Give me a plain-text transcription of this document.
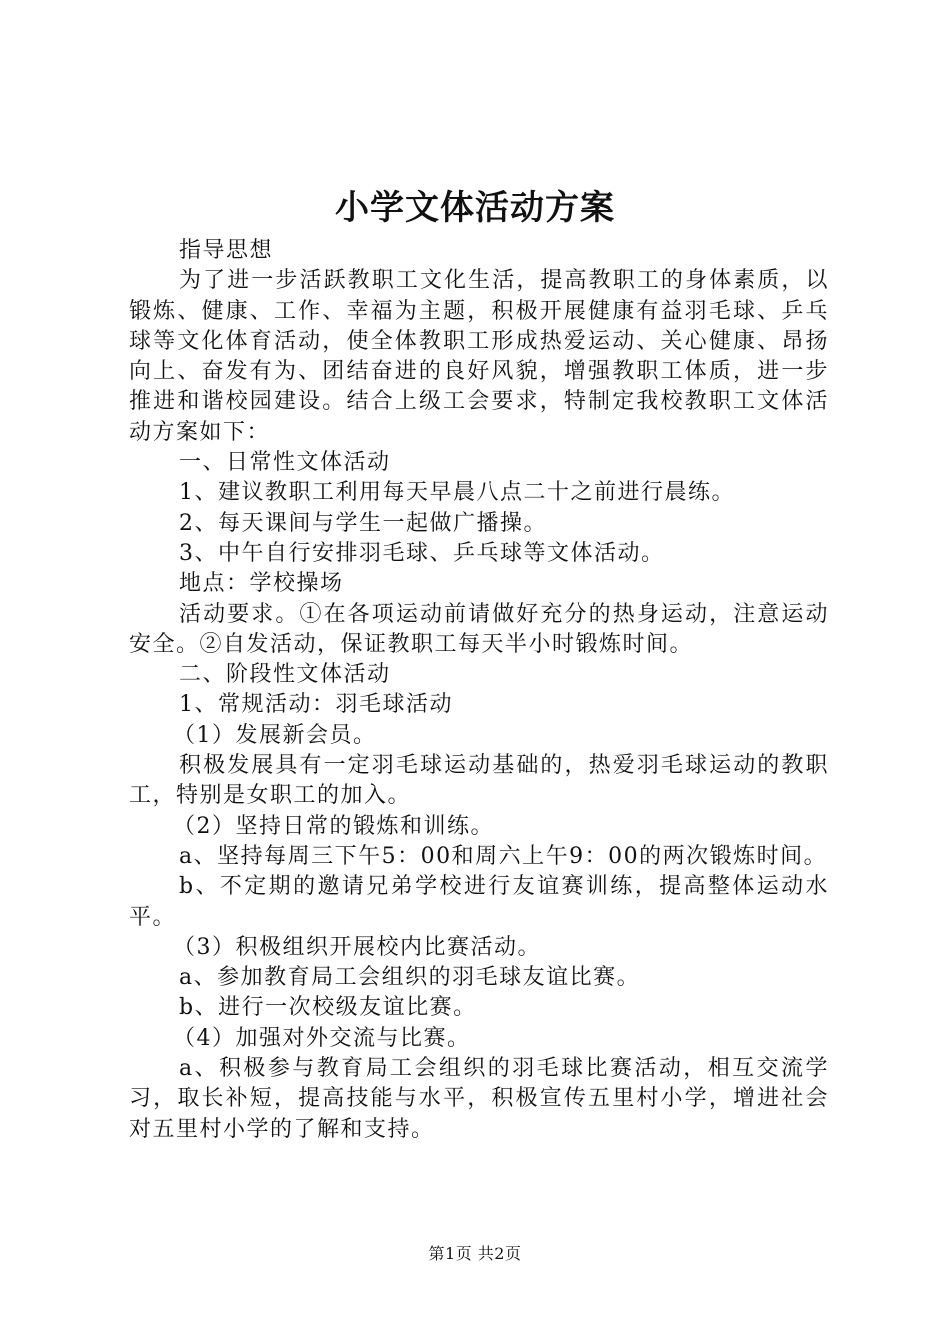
小学文体活动方案

指导思想

为了进一步活跃教职工文化生活，提高教职工的身体素质，以锻炼、健康、工作、幸福为主题，积极开展健康有益羽毛球、乒乓球等文化体育活动，使全体教职工形成热爱运动、关心健康、昂扬向上、奋发有为、团结奋进的良好风貌，增强教职工体质，进一步推进和谐校园建设。结合上级工会要求，特制定我校教职工文体活动方案如下：

一、日常性文体活动

1、建议教职工利用每天早晨八点二十之前进行晨练。

2、每天课间与学生一起做广播操。

3、中午自行安排羽毛球、乒乓球等文体活动。

地点：学校操场

活动要求。①在各项运动前请做好充分的热身运动，注意运动安全。②自发活动，保证教职工每天半小时锻炼时间。

二、阶段性文体活动

1、常规活动：羽毛球活动

（1）发展新会员。

积极发展具有一定羽毛球运动基础的，热爱羽毛球运动的教职工，特别是女职工的加入。

（2）坚持日常的锻炼和训练。

a、坚持每周三下午5：00和周六上午9：00的两次锻炼时间。

b、不定期的邀请兄弟学校进行友谊赛训练，提高整体运动水平。

（3）积极组织开展校内比赛活动。

a、参加教育局工会组织的羽毛球友谊比赛。

b、进行一次校级友谊比赛。

（4）加强对外交流与比赛。

a、积极参与教育局工会组织的羽毛球比赛活动，相互交流学习，取长补短，提高技能与水平，积极宣传五里村小学，增进社会对五里村小学的了解和支持。

第1页 共2页
